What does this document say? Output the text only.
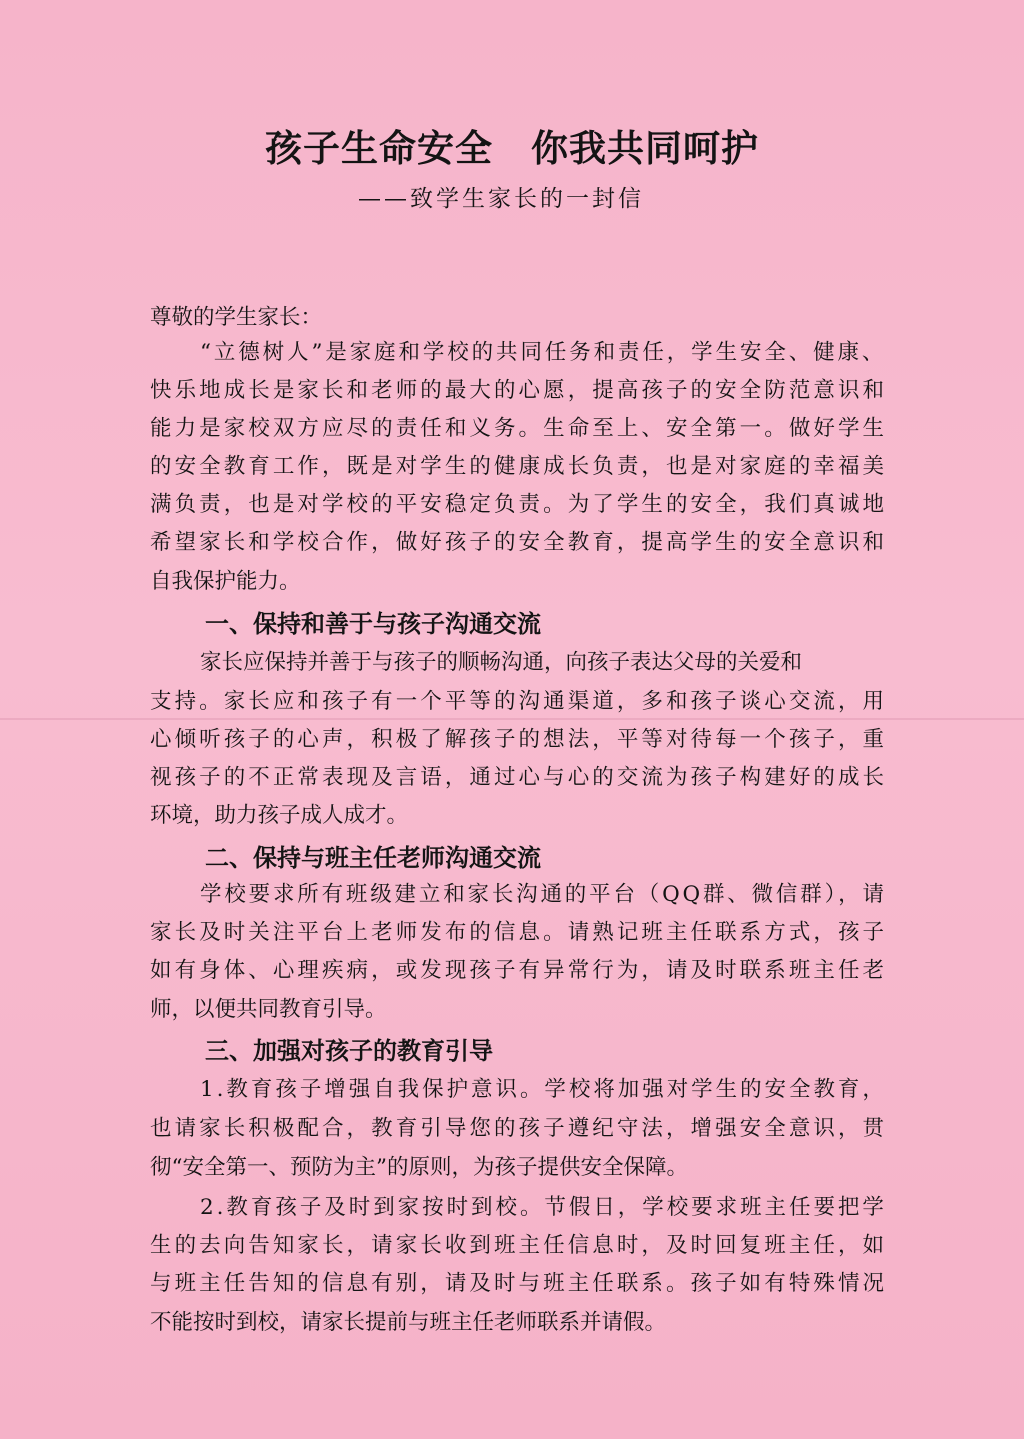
孩子生命安全　你我共同呵护
——致学生家长的一封信
尊敬的学生家长：
“立德树人”是家庭和学校的共同任务和责任，学生安全、健康、
快乐地成长是家长和老师的最大的心愿，提高孩子的安全防范意识和
能力是家校双方应尽的责任和义务。生命至上、安全第一。做好学生
的安全教育工作，既是对学生的健康成长负责，也是对家庭的幸福美
满负责，也是对学校的平安稳定负责。为了学生的安全，我们真诚地
希望家长和学校合作，做好孩子的安全教育，提高学生的安全意识和
自我保护能力。
一、保持和善于与孩子沟通交流
家长应保持并善于与孩子的顺畅沟通，向孩子表达父母的关爱和
支持。家长应和孩子有一个平等的沟通渠道，多和孩子谈心交流，用
心倾听孩子的心声，积极了解孩子的想法，平等对待每一个孩子，重
视孩子的不正常表现及言语，通过心与心的交流为孩子构建好的成长
环境，助力孩子成人成才。
二、保持与班主任老师沟通交流
学校要求所有班级建立和家长沟通的平台（QQ群、微信群），请
家长及时关注平台上老师发布的信息。请熟记班主任联系方式，孩子
如有身体、心理疾病，或发现孩子有异常行为，请及时联系班主任老
师，以便共同教育引导。
三、加强对孩子的教育引导
1.教育孩子增强自我保护意识。学校将加强对学生的安全教育，
也请家长积极配合，教育引导您的孩子遵纪守法，增强安全意识，贯
彻“安全第一、预防为主”的原则，为孩子提供安全保障。
2.教育孩子及时到家按时到校。节假日，学校要求班主任要把学
生的去向告知家长，请家长收到班主任信息时，及时回复班主任，如
与班主任告知的信息有别，请及时与班主任联系。孩子如有特殊情况
不能按时到校，请家长提前与班主任老师联系并请假。
